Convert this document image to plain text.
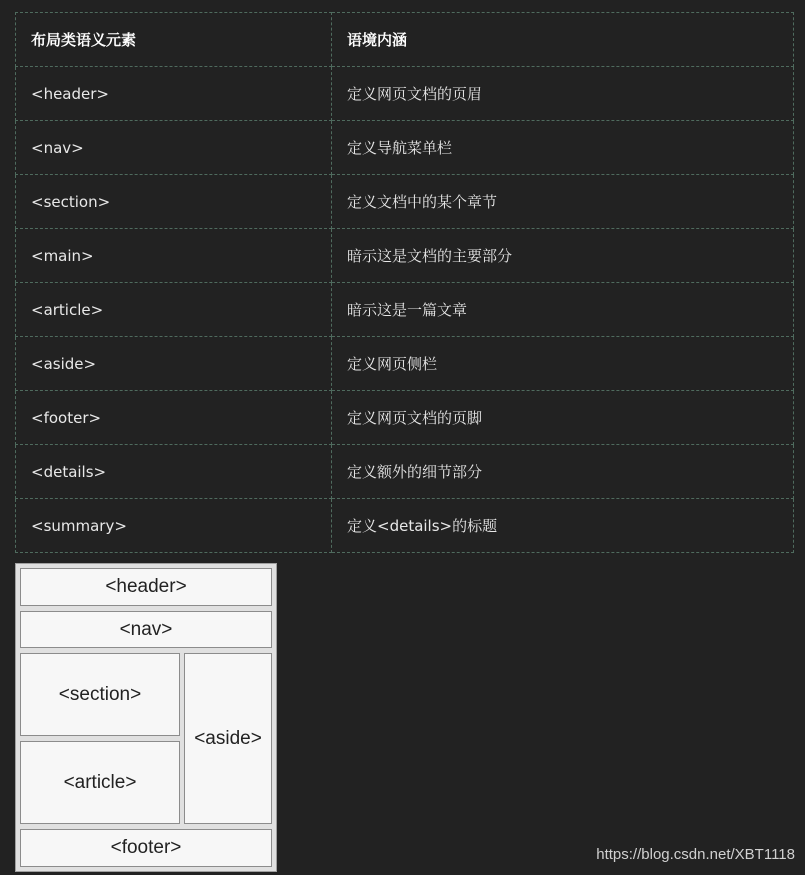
布局类语义元素	语境内涵
<header>	定义网页文档的页眉
<nav>	定义导航菜单栏
<section>	定义文档中的某个章节
<main>	暗示这是文档的主要部分
<article>	暗示这是一篇文章
<aside>	定义网页侧栏
<footer>	定义网页文档的页脚
<details>	定义额外的细节部分
<summary>	定义<details>的标题
<header>
<nav>
<section>
<article>
<aside>
<footer>	https://blog.csdn.net/XBT1118
